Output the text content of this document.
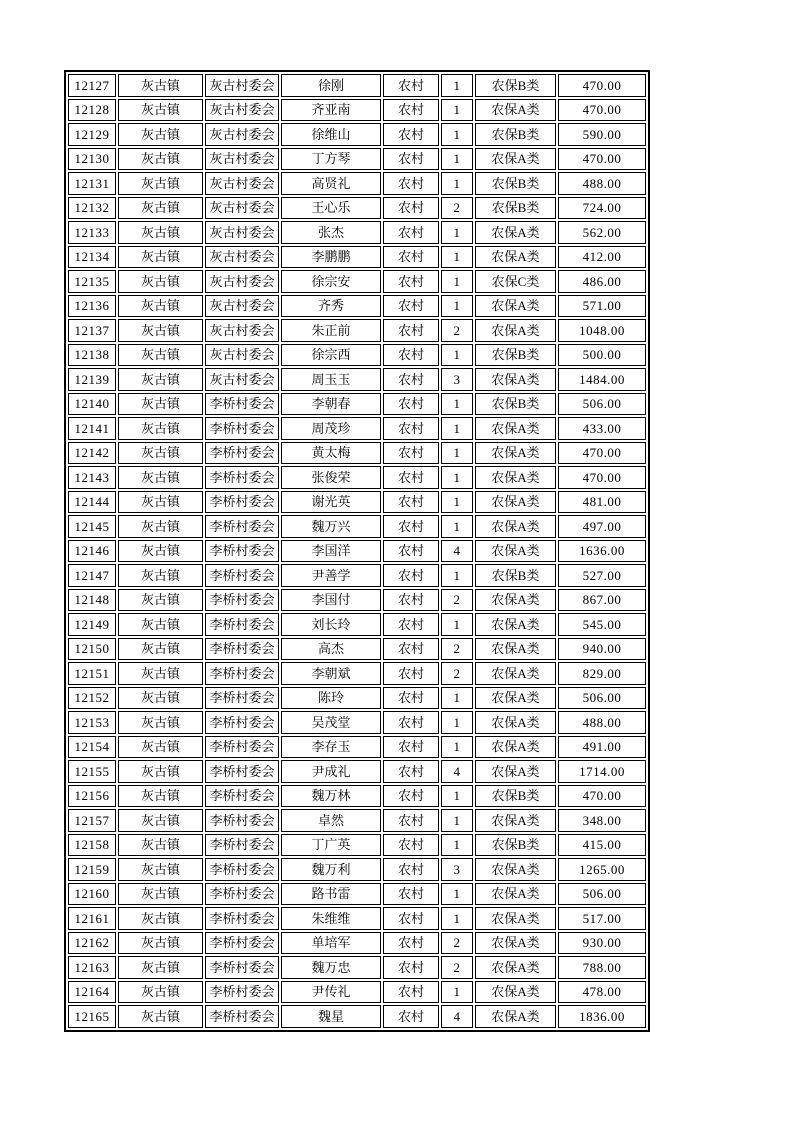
12127	灰古镇	灰古村委会	徐刚	农村	1	农保B类	470.00
12128	灰古镇	灰古村委会	齐亚南	农村	1	农保A类	470.00
12129	灰古镇	灰古村委会	徐维山	农村	1	农保B类	590.00
12130	灰古镇	灰古村委会	丁方琴	农村	1	农保A类	470.00
12131	灰古镇	灰古村委会	高贤礼	农村	1	农保B类	488.00
12132	灰古镇	灰古村委会	王心乐	农村	2	农保B类	724.00
12133	灰古镇	灰古村委会	张杰	农村	1	农保A类	562.00
12134	灰古镇	灰古村委会	李鹏鹏	农村	1	农保A类	412.00
12135	灰古镇	灰古村委会	徐宗安	农村	1	农保C类	486.00
12136	灰古镇	灰古村委会	齐秀	农村	1	农保A类	571.00
12137	灰古镇	灰古村委会	朱正前	农村	2	农保A类	1048.00
12138	灰古镇	灰古村委会	徐宗西	农村	1	农保B类	500.00
12139	灰古镇	灰古村委会	周玉玉	农村	3	农保A类	1484.00
12140	灰古镇	李桥村委会	李朝春	农村	1	农保B类	506.00
12141	灰古镇	李桥村委会	周茂珍	农村	1	农保A类	433.00
12142	灰古镇	李桥村委会	黄太梅	农村	1	农保A类	470.00
12143	灰古镇	李桥村委会	张俊荣	农村	1	农保A类	470.00
12144	灰古镇	李桥村委会	谢光英	农村	1	农保A类	481.00
12145	灰古镇	李桥村委会	魏万兴	农村	1	农保A类	497.00
12146	灰古镇	李桥村委会	李国洋	农村	4	农保A类	1636.00
12147	灰古镇	李桥村委会	尹善学	农村	1	农保B类	527.00
12148	灰古镇	李桥村委会	李国付	农村	2	农保A类	867.00
12149	灰古镇	李桥村委会	刘长玲	农村	1	农保A类	545.00
12150	灰古镇	李桥村委会	高杰	农村	2	农保A类	940.00
12151	灰古镇	李桥村委会	李朝斌	农村	2	农保A类	829.00
12152	灰古镇	李桥村委会	陈玲	农村	1	农保A类	506.00
12153	灰古镇	李桥村委会	吴茂堂	农村	1	农保A类	488.00
12154	灰古镇	李桥村委会	李存玉	农村	1	农保A类	491.00
12155	灰古镇	李桥村委会	尹成礼	农村	4	农保A类	1714.00
12156	灰古镇	李桥村委会	魏万林	农村	1	农保B类	470.00
12157	灰古镇	李桥村委会	卓然	农村	1	农保A类	348.00
12158	灰古镇	李桥村委会	丁广英	农村	1	农保B类	415.00
12159	灰古镇	李桥村委会	魏万利	农村	3	农保A类	1265.00
12160	灰古镇	李桥村委会	路书雷	农村	1	农保A类	506.00
12161	灰古镇	李桥村委会	朱维维	农村	1	农保A类	517.00
12162	灰古镇	李桥村委会	单培军	农村	2	农保A类	930.00
12163	灰古镇	李桥村委会	魏万忠	农村	2	农保A类	788.00
12164	灰古镇	李桥村委会	尹传礼	农村	1	农保A类	478.00
12165	灰古镇	李桥村委会	魏星	农村	4	农保A类	1836.00
